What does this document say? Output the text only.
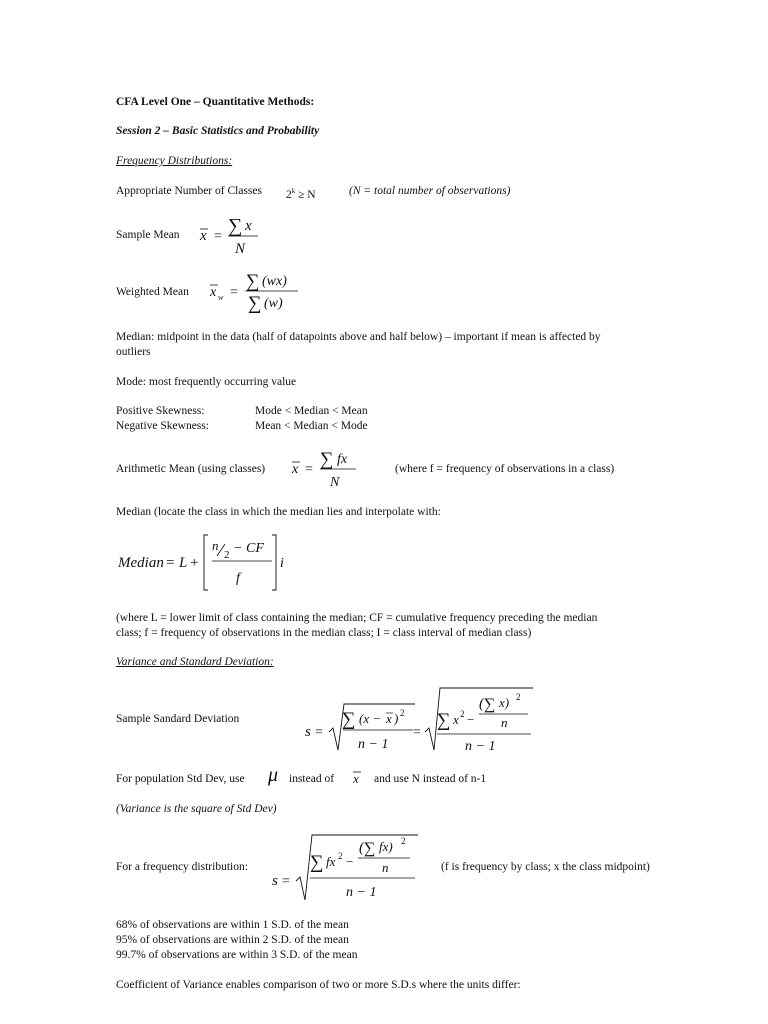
CFA Level One – Quantitative Methods:
Session 2 – Basic Statistics and Probability
Frequency Distributions:
Appropriate Number of Classes $2^k \ge N$	(N = total number of observations)
Sample Mean x = ∑ x
N
Weighted Mean x w =
∑ (wx)
∑ (w)
Median: midpoint in the data (half of datapoints above and half below) – important if mean is affected by
outliers
Mode: most frequently occurring value
Positive Skewness:	Mode < Median < Mean
Negative Skewness:	Mean < Median < Mode
Arithmetic Mean (using classes) x = ∑ fx
N
(where f = frequency of observations in a class)
Median (locate the class in which the median lies and interpolate with:
Median = L +
n
2 − CF
f
i
(where L = lower limit of class containing the median; CF = cumulative frequency preceding the median
class; f = frequency of observations in the median class; I = class interval of median class)
Variance and Standard Deviation:
Sample Sandard Deviation
s =
∑ (x − x ) 2
n − 1
=
∑ x 2 −
( ∑ x) 2
n
n − 1
For population Std Dev, use μ instead of x and use N instead of n-1
(Variance is the square of Std Dev)
For a frequency distribution:
s =
∑ fx 2 −
( ∑ fx) 2
n
n − 1
(f is frequency by class; x the class midpoint)
68% of observations are within 1 S.D. of the mean
95% of observations are within 2 S.D. of the mean
99.7% of observations are within 3 S.D. of the mean
Coefficient of Variance enables comparison of two or more S.D.s where the units differ:
